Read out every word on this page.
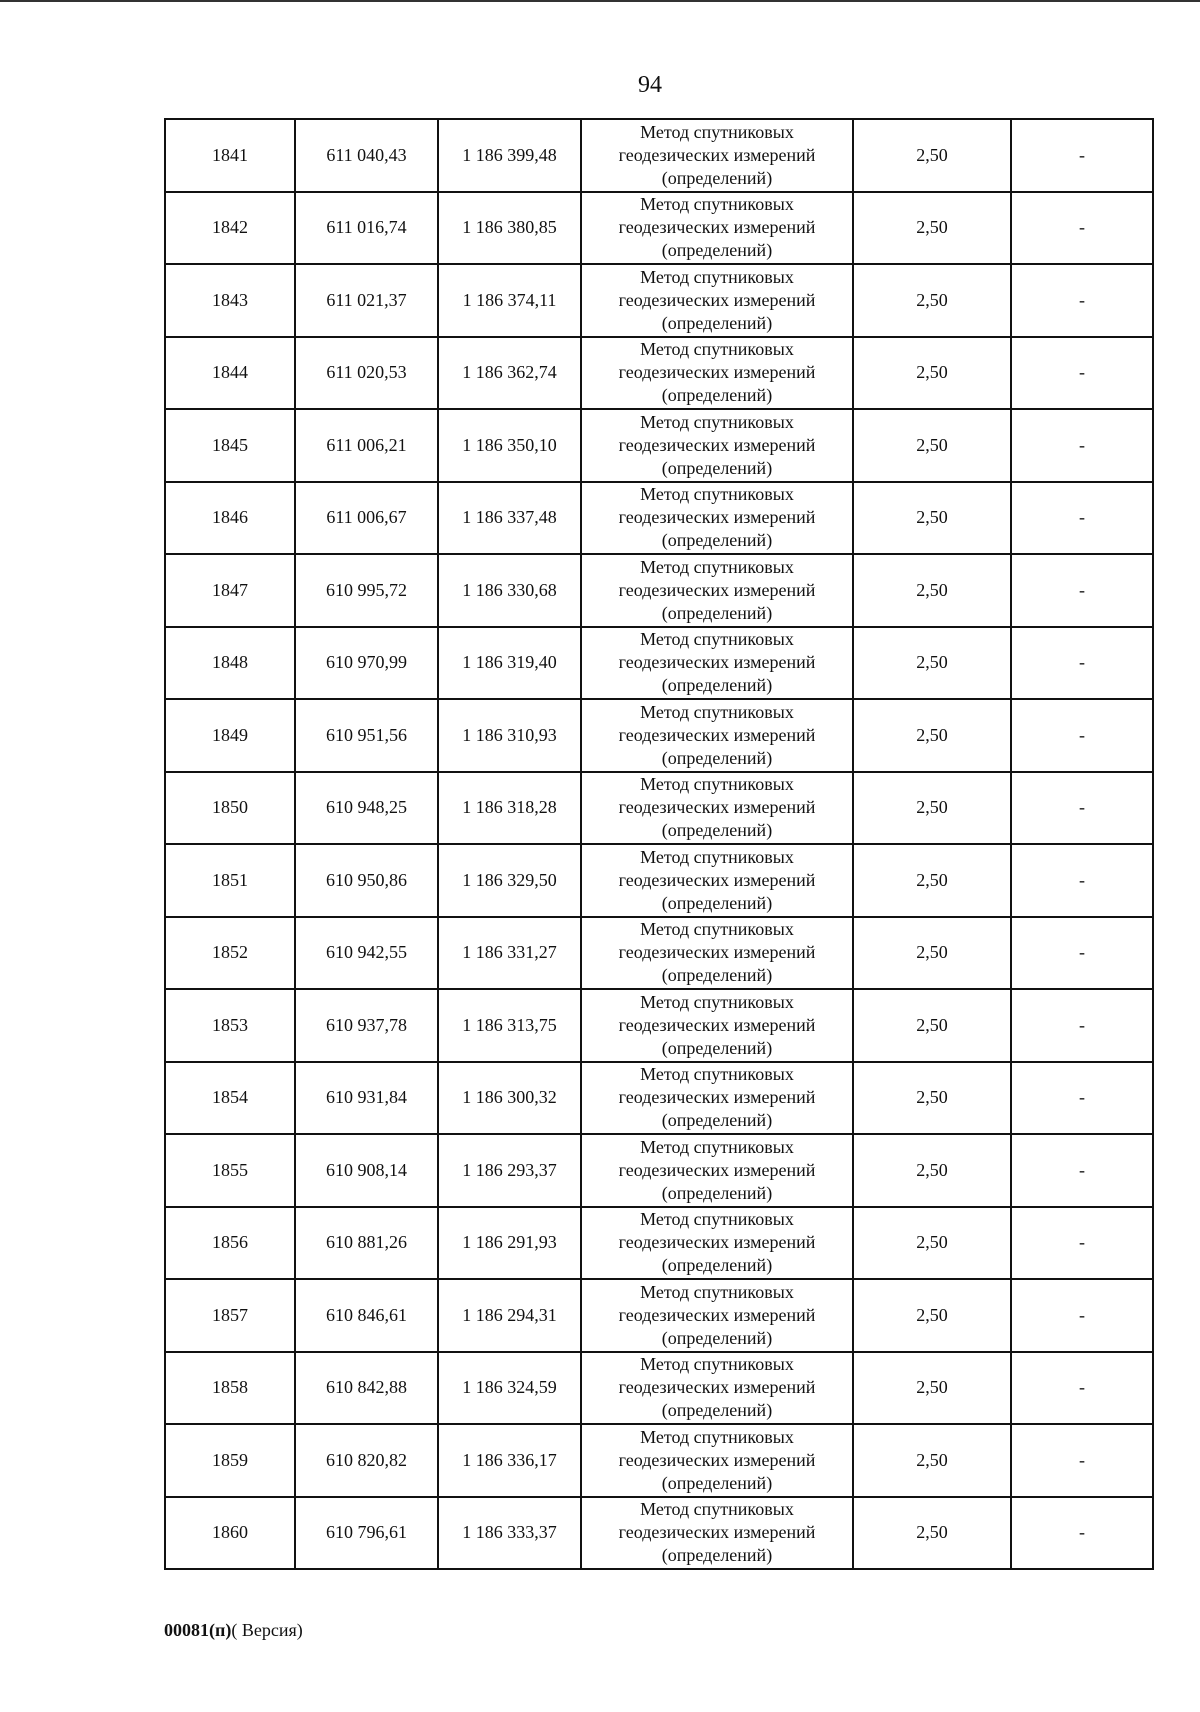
94
1841	611 040,43	1 186 399,48	Метод спутниковых
геодезических измерений
(определений)	2,50	-
1842	611 016,74	1 186 380,85	Метод спутниковых
геодезических измерений
(определений)	2,50	-
1843	611 021,37	1 186 374,11	Метод спутниковых
геодезических измерений
(определений)	2,50	-
1844	611 020,53	1 186 362,74	Метод спутниковых
геодезических измерений
(определений)	2,50	-
1845	611 006,21	1 186 350,10	Метод спутниковых
геодезических измерений
(определений)	2,50	-
1846	611 006,67	1 186 337,48	Метод спутниковых
геодезических измерений
(определений)	2,50	-
1847	610 995,72	1 186 330,68	Метод спутниковых
геодезических измерений
(определений)	2,50	-
1848	610 970,99	1 186 319,40	Метод спутниковых
геодезических измерений
(определений)	2,50	-
1849	610 951,56	1 186 310,93	Метод спутниковых
геодезических измерений
(определений)	2,50	-
1850	610 948,25	1 186 318,28	Метод спутниковых
геодезических измерений
(определений)	2,50	-
1851	610 950,86	1 186 329,50	Метод спутниковых
геодезических измерений
(определений)	2,50	-
1852	610 942,55	1 186 331,27	Метод спутниковых
геодезических измерений
(определений)	2,50	-
1853	610 937,78	1 186 313,75	Метод спутниковых
геодезических измерений
(определений)	2,50	-
1854	610 931,84	1 186 300,32	Метод спутниковых
геодезических измерений
(определений)	2,50	-
1855	610 908,14	1 186 293,37	Метод спутниковых
геодезических измерений
(определений)	2,50	-
1856	610 881,26	1 186 291,93	Метод спутниковых
геодезических измерений
(определений)	2,50	-
1857	610 846,61	1 186 294,31	Метод спутниковых
геодезических измерений
(определений)	2,50	-
1858	610 842,88	1 186 324,59	Метод спутниковых
геодезических измерений
(определений)	2,50	-
1859	610 820,82	1 186 336,17	Метод спутниковых
геодезических измерений
(определений)	2,50	-
1860	610 796,61	1 186 333,37	Метод спутниковых
геодезических измерений
(определений)	2,50	-
00081(п)( Версия)
